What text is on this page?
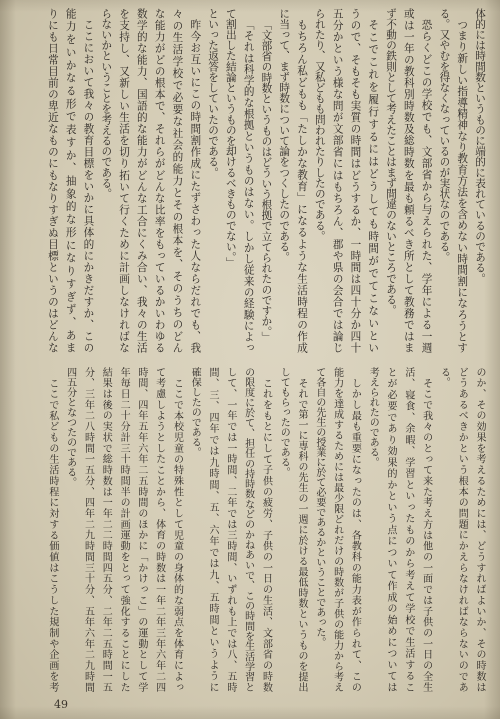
体的には時間数というものに端的に表れているのである。
つまり新しい指導精神なり教育方法を含めない時間割になろうとす
る。又やむを得なくなっているのが実状なのである。
恐らくどこの学校でも、文部省から与えられた、学年による一週
或は一年の教科別時数及総時数を最も頼るべき所として教務ではま
ず不動の鉄則として考えたことはまず間違のないところである。
そこでこれを履行するにはどうしても時間がでてこないとい
うので、そもそも実質の時間はどうするか、一時間は四十分か四十
五分かという様な問が文部省にはもちろん、郡や県の会合では論じ
られたり、又私どもも問われたりしたのである。
もちろん私どもも「たしかな教育」になるような生活時程の作成
に当って、まず時数について論をつくしたのである。
「文部省の時数というものはどういう根拠で立てられたのですか。」
「それは科学的な根拠というものはない。しかし従来の経験によっ
て割出した結論というものを却けるべきものでない。」
といった返答をしていたのである。
昨今お互いにこの時間割作成にたずさわった人ならだれでも、我
々の生活学校で必要な社会的能力とその根本を、そのうちのどん
な能力がどの根本で、それらがどんな比率をもっているかいわゆる
数学的な能力、国語的な能力がどんな工合にくみ合い、我々の生活
を支持し、又新しい生活を切り拓いて行くために計画しなければな
らないかということを考えるのである。
ここにおいて我々の教育目標をいかに具体的にかきだすか、この
能力をいかなる形で表すか、抽象的な形になりすぎず、あま
りにも日常目前の卑近なものにもなりすぎぬ目標というのはどんな
のか、その効果を考えるためには、どうすればよいか、その時数は
どうあるべきかという根本の問題にかえらなければならないのであ
る。
そこで我々のとって来た考え方は他の一面では子供の一日の全生
活、寝食、余暇、学習といったものから考えて学校で生活するこ
とが必要であり効果的かという点について作成の始めについては
考えられたのである。
しかし最も重要になったのは、各教科の能力表が作られて、この
能力を達成するためには最少限どれだけの時数が子供の能力から考え
て各自の先生の授業に於て必要であるかということであった。
それで第一に専科の先生の一週に於ける最低時数というものを提出
してもらったのである。
これをもとにして子供の疲労、子供の一日の生活、文部省の時数
の限度に於て、担任の持時数などのかねあいで、この時間を生活学習と
して、一年では一時間、二年では三時間、いずれも上では八、五時
間、三、四年では九時間、五、六年では九、五時間というように
確保したのである。
ここで本校児童の特殊性として児童の身体的な弱点を体育によっ
て考慮しようとしたことから、体育の時数は一年二年三年六年二四
時間、四年五年六年二五時間のほかに「かけっこ」の運動として学
年毎日二十分計三十時間半の計画運動をとって強化することにした
結果は後の実状で総時数は一年二二時間四五分、二年二五時間一五
分、三年二八時間一五分、四年二九時間三十分、五年六年二九時間
四五分となつたのである。
ここで私どもの生活時程に対する価値はこうした規制や企画を考
49
